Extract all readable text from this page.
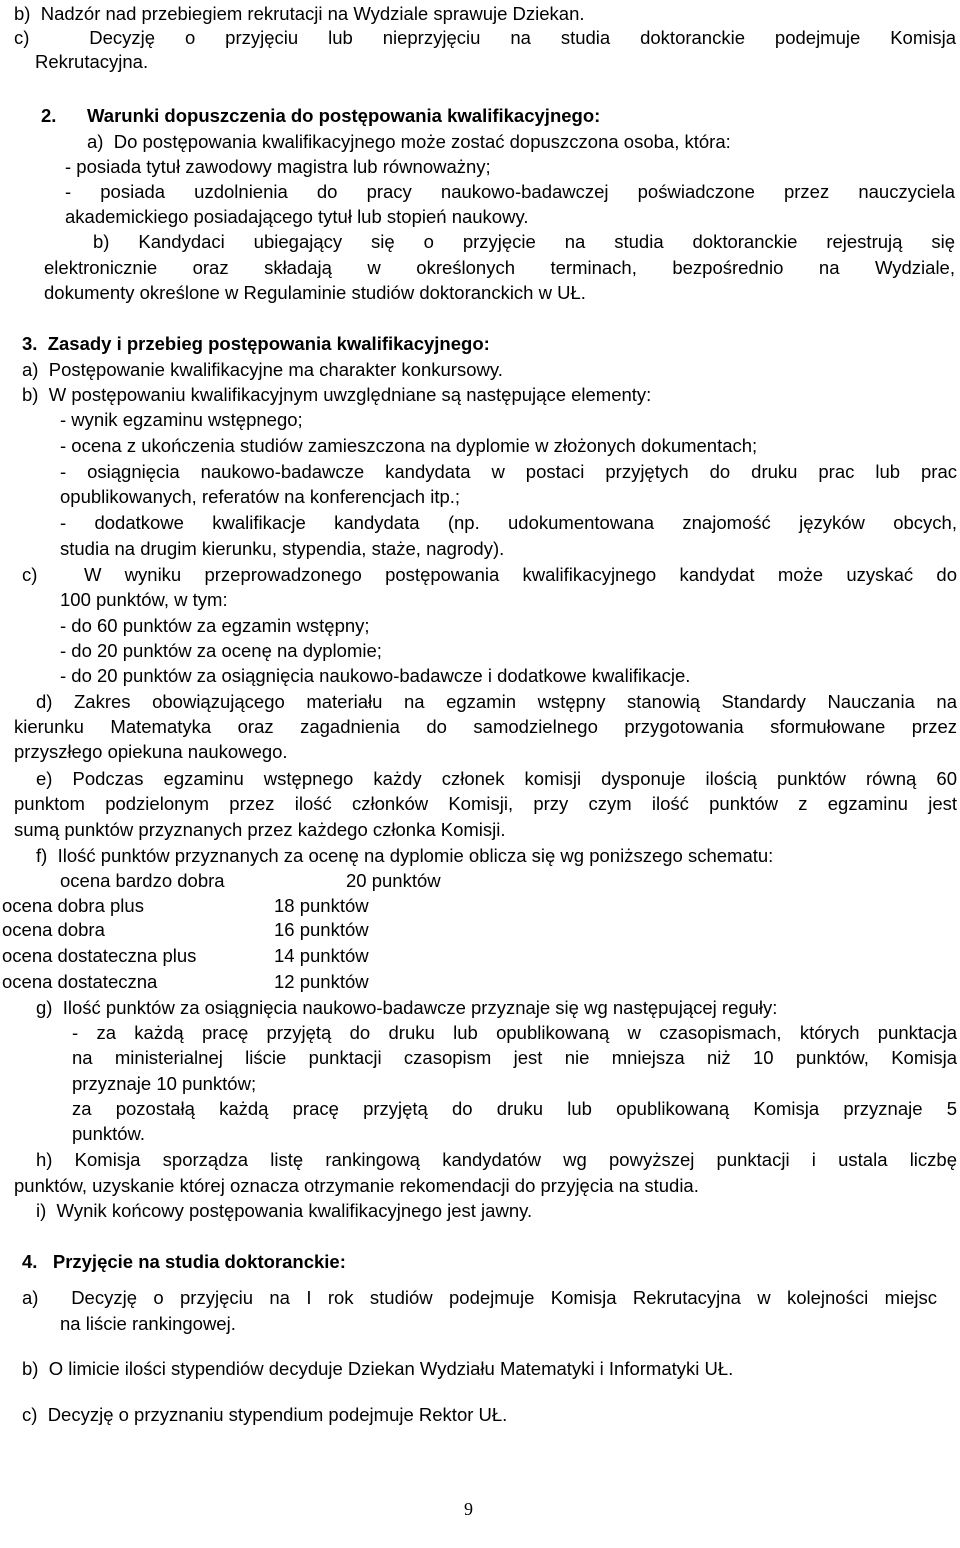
b)  Nadzór nad przebiegiem rekrutacji na Wydziale sprawuje Dziekan.
c)  Decyzję o przyjęciu lub nieprzyjęciu na studia doktoranckie podejmuje Komisja
Rekrutacyjna.
2. Warunki dopuszczenia do postępowania kwalifikacyjnego:
a)  Do postępowania kwalifikacyjnego może zostać dopuszczona osoba, która:
- posiada tytuł zawodowy magistra lub równoważny;
- posiada uzdolnienia do pracy naukowo-badawczej poświadczone przez nauczyciela
akademickiego posiadającego tytuł lub stopień naukowy.
b) Kandydaci ubiegający się o przyjęcie na studia doktoranckie rejestrują się
elektronicznie oraz składają w określonych terminach, bezpośrednio na Wydziale,
dokumenty określone w Regulaminie studiów doktoranckich w UŁ.
3.  Zasady i przebieg postępowania kwalifikacyjnego:
a)  Postępowanie kwalifikacyjne ma charakter konkursowy.
b)  W postępowaniu kwalifikacyjnym uwzględniane są następujące elementy:
- wynik egzaminu wstępnego;
- ocena z ukończenia studiów zamieszczona na dyplomie w złożonych dokumentach;
- osiągnięcia naukowo-badawcze kandydata w postaci przyjętych do druku prac lub prac
opublikowanych, referatów na konferencjach itp.;
- dodatkowe kwalifikacje kandydata (np. udokumentowana znajomość języków obcych,
studia na drugim kierunku, stypendia, staże, nagrody).
c)  W wyniku przeprowadzonego postępowania kwalifikacyjnego kandydat może uzyskać do
100 punktów, w tym:
- do 60 punktów za egzamin wstępny;
- do 20 punktów za ocenę na dyplomie;
- do 20 punktów za osiągnięcia naukowo-badawcze i dodatkowe kwalifikacje.
d) Zakres obowiązującego materiału na egzamin wstępny stanowią Standardy Nauczania na
kierunku Matematyka oraz zagadnienia do samodzielnego przygotowania sformułowane przez
przyszłego opiekuna naukowego.
e) Podczas egzaminu wstępnego każdy członek komisji dysponuje ilością punktów równą 60
punktom podzielonym przez ilość członków Komisji, przy czym ilość punktów z egzaminu jest
sumą punktów przyznanych przez każdego członka Komisji.
f)  Ilość punktów przyznanych za ocenę na dyplomie oblicza się wg poniższego schematu:
ocena bardzo dobra	20 punktów
ocena dobra plus	18 punktów
ocena dobra	16 punktów
ocena dostateczna plus	14 punktów
ocena dostateczna	12 punktów
g)  Ilość punktów za osiągnięcia naukowo-badawcze przyznaje się wg następującej reguły:
- za każdą pracę przyjętą do druku lub opublikowaną w czasopismach, których punktacja
na ministerialnej liście punktacji czasopism jest nie mniejsza niż 10 punktów, Komisja
przyznaje 10 punktów;
za pozostałą każdą pracę przyjętą do druku lub opublikowaną Komisja przyznaje 5
punktów.
h) Komisja sporządza listę rankingową kandydatów wg powyższej punktacji i ustala liczbę
punktów, uzyskanie której oznacza otrzymanie rekomendacji do przyjęcia na studia.
i)  Wynik końcowy postępowania kwalifikacyjnego jest jawny.
4.   Przyjęcie na studia doktoranckie:
a)  Decyzję o przyjęciu na I rok studiów podejmuje Komisja Rekrutacyjna w kolejności miejsc
na liście rankingowej.
b)  O limicie ilości stypendiów decyduje Dziekan Wydziału Matematyki i Informatyki UŁ.
c)  Decyzję o przyznaniu stypendium podejmuje Rektor UŁ.
9
